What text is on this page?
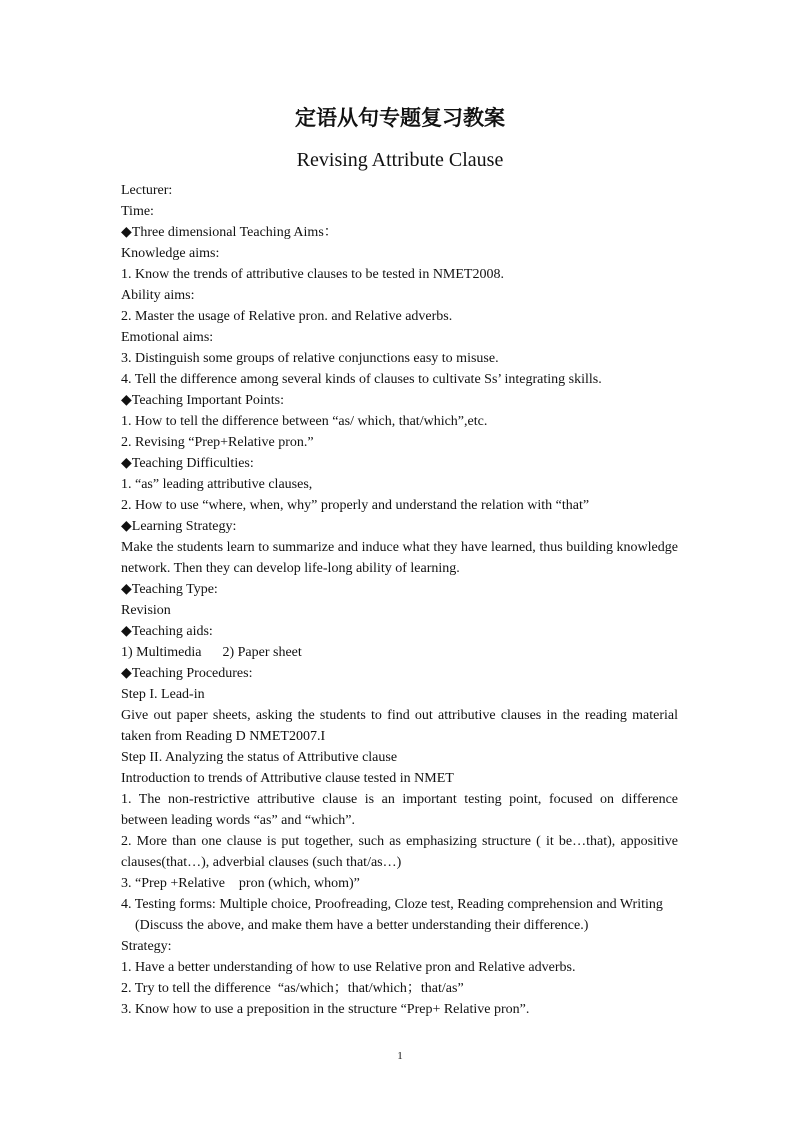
定语从句专题复习教案
Revising Attribute Clause

Lecturer:

Time:

◆Three dimensional Teaching Aims：

Knowledge aims:

1. Know the trends of attributive clauses to be tested in NMET2008.

Ability aims:

2. Master the usage of Relative pron. and Relative adverbs.

Emotional aims:

3. Distinguish some groups of relative conjunctions easy to misuse.

4. Tell the difference among several kinds of clauses to cultivate Ss’ integrating skills.

◆Teaching Important Points:

1. How to tell the difference between “as/ which, that/which”,etc.

2. Revising “Prep+Relative pron.”

◆Teaching Difficulties:

1. “as” leading attributive clauses,

2. How to use “where, when, why” properly and understand the relation with “that”

◆Learning Strategy:

Make the students learn to summarize and induce what they have learned, thus building knowledge network. Then they can develop life-long ability of learning.

◆Teaching Type:

Revision

◆Teaching aids:

1) Multimedia      2) Paper sheet

◆Teaching Procedures:

Step I. Lead-in

Give out paper sheets, asking the students to find out attributive clauses in the reading material taken from Reading D NMET2007.I

Step II. Analyzing the status of Attributive clause

Introduction to trends of Attributive clause tested in NMET

1. The non-restrictive attributive clause is an important testing point, focused on difference between leading words “as” and “which”.

2. More than one clause is put together, such as emphasizing structure ( it be…that), appositive clauses(that…), adverbial clauses (such that/as…)

3. “Prep +Relative    pron (which, whom)”

4. Testing forms: Multiple choice, Proofreading, Cloze test, Reading comprehension and Writing

(Discuss the above, and make them have a better understanding their difference.)

Strategy:

1. Have a better understanding of how to use Relative pron and Relative adverbs.

2. Try to tell the difference  “as/which；that/which；that/as”

3. Know how to use a preposition in the structure “Prep+ Relative pron”.

1
